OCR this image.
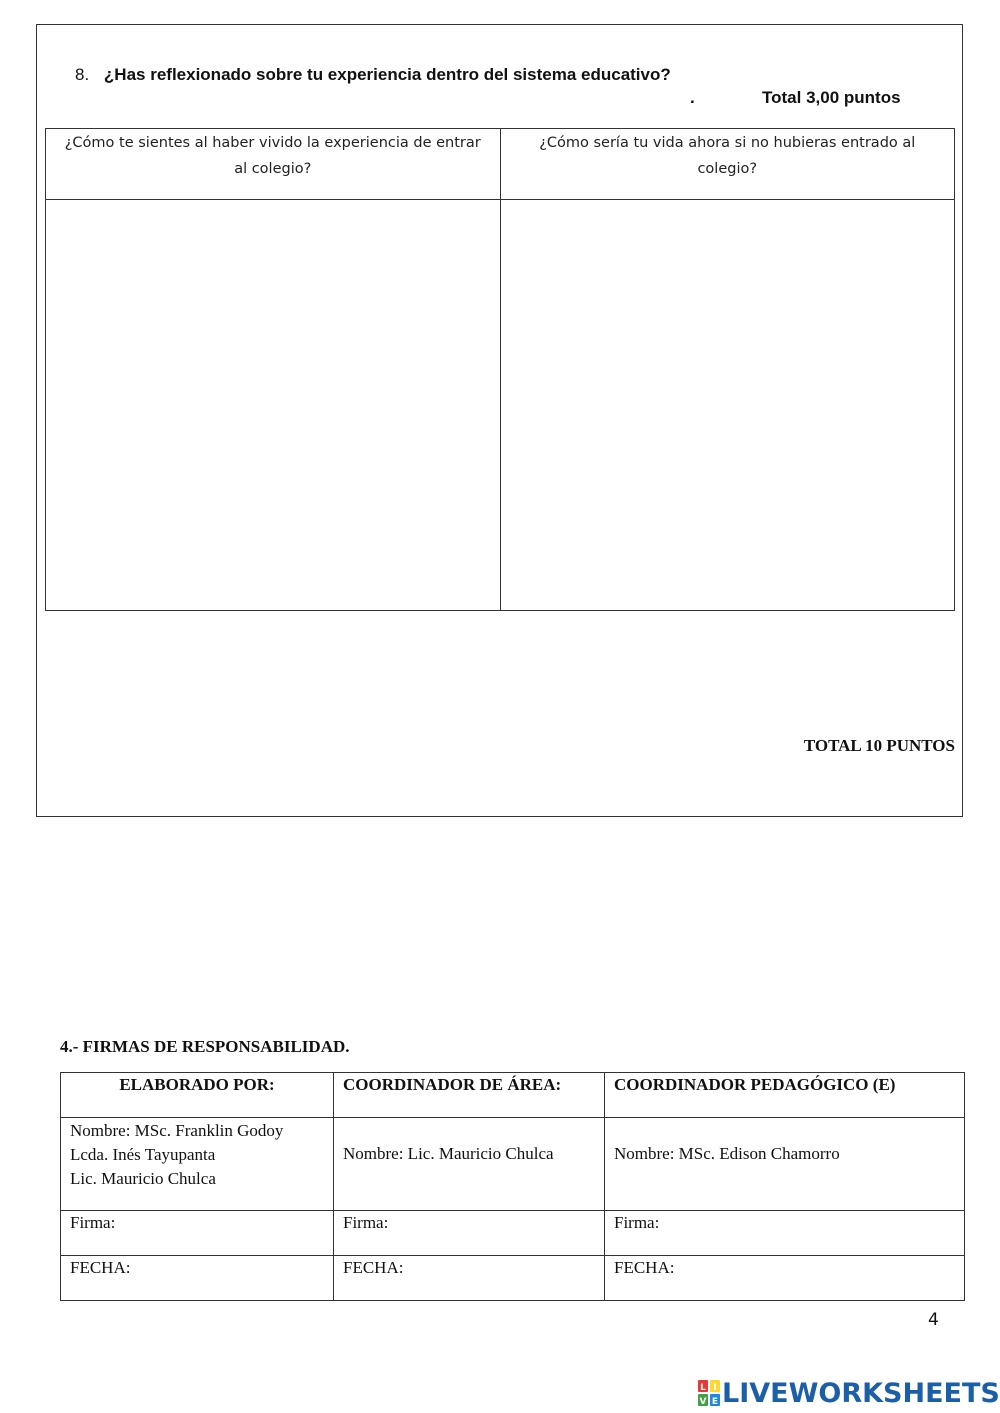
8. ¿Has reflexionado sobre tu experiencia dentro del sistema educativo?
.	Total 3,00 puntos
¿Cómo te sientes al haber vivido la experiencia de entrar al colegio?	¿Cómo sería tu vida ahora si no hubieras entrado al colegio?

TOTAL 10 PUNTOS
4.- FIRMAS DE RESPONSABILIDAD.
ELABORADO POR:	COORDINADOR DE ÁREA:	COORDINADOR PEDAGÓGICO (E)

Nombre: MSc. Franklin Godoy
Lcda. Inés Tayupanta
Lic. Mauricio Chulca	Nombre: Lic. Mauricio Chulca	Nombre: MSc. Edison Chamorro
Firma:	Firma:	Firma:
FECHA:	FECHA:	FECHA:
4
L I
V E LIVEWORKSHEETS
